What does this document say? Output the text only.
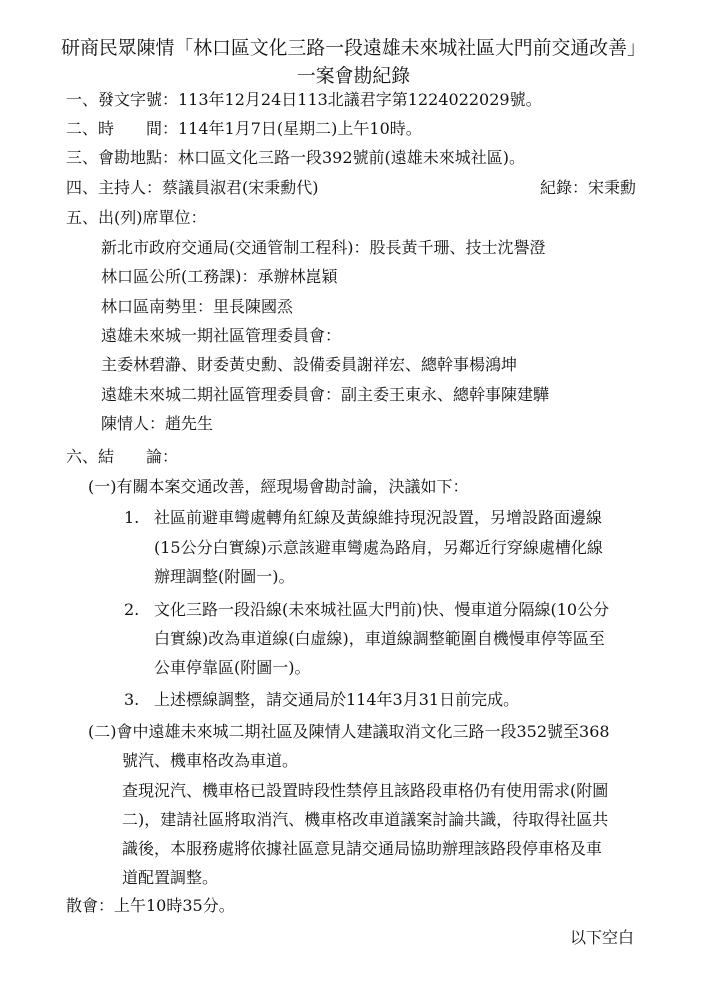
研商民眾陳情「林口區文化三路一段遠雄未來城社區大門前交通改善」
一案會勘紀錄
一、發文字號：113年12月24日113北議君字第1224022029號。
二、時　　間：114年1月7日(星期二)上午10時。
三、會勘地點：林口區文化三路一段392號前(遠雄未來城社區)。
四、主持人：蔡議員淑君(宋秉勳代)	紀錄：宋秉勳
五、出(列)席單位：
新北市政府交通局(交通管制工程科)：股長黃千珊、技士沈譽澄
林口區公所(工務課)：承辦林崑穎
林口區南勢里：里長陳國烝
遠雄未來城一期社區管理委員會：
主委林碧瀞、財委黃史勳、設備委員謝祥宏、總幹事楊鴻坤
遠雄未來城二期社區管理委員會：副主委王東永、總幹事陳建驊
陳情人：趙先生
六、結　　論：
(一)有關本案交通改善，經現場會勘討論，決議如下：
1. 社區前避車彎處轉角紅線及黃線維持現況設置，另增設路面邊線
(15公分白實線)示意該避車彎處為路肩，另鄰近行穿線處槽化線
辦理調整(附圖一)。
2. 文化三路一段沿線(未來城社區大門前)快、慢車道分隔線(10公分
白實線)改為車道線(白虛線)，車道線調整範圍自機慢車停等區至
公車停靠區(附圖一)。
3. 上述標線調整，請交通局於114年3月31日前完成。
(二)會中遠雄未來城二期社區及陳情人建議取消文化三路一段352號至368
號汽、機車格改為車道。
查現況汽、機車格已設置時段性禁停且該路段車格仍有使用需求(附圖
二)，建請社區將取消汽、機車格改車道議案討論共識，待取得社區共
識後，本服務處將依據社區意見請交通局協助辦理該路段停車格及車
道配置調整。
散會：上午10時35分。
以下空白
